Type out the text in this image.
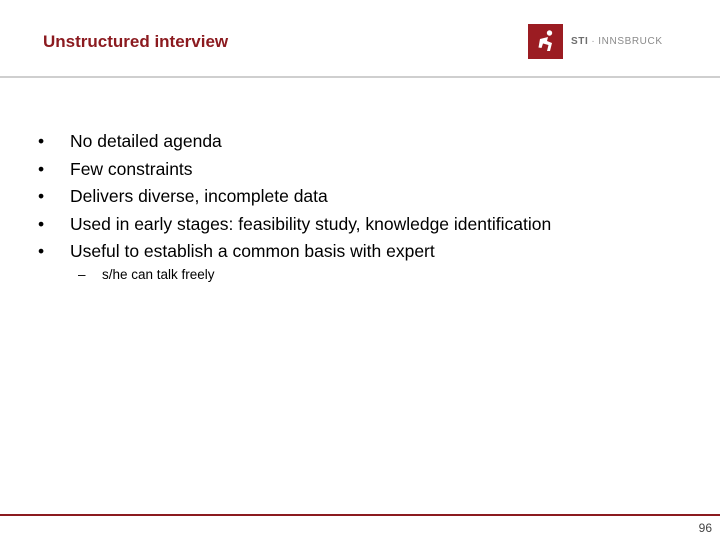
Unstructured interview	STI · INNSBRUCK
•	No detailed agenda
•	Few constraints
•	Delivers diverse, incomplete data
•	Used in early stages: feasibility study, knowledge identification
•	Useful to establish a common basis with expert
– s/he can talk freely
96
